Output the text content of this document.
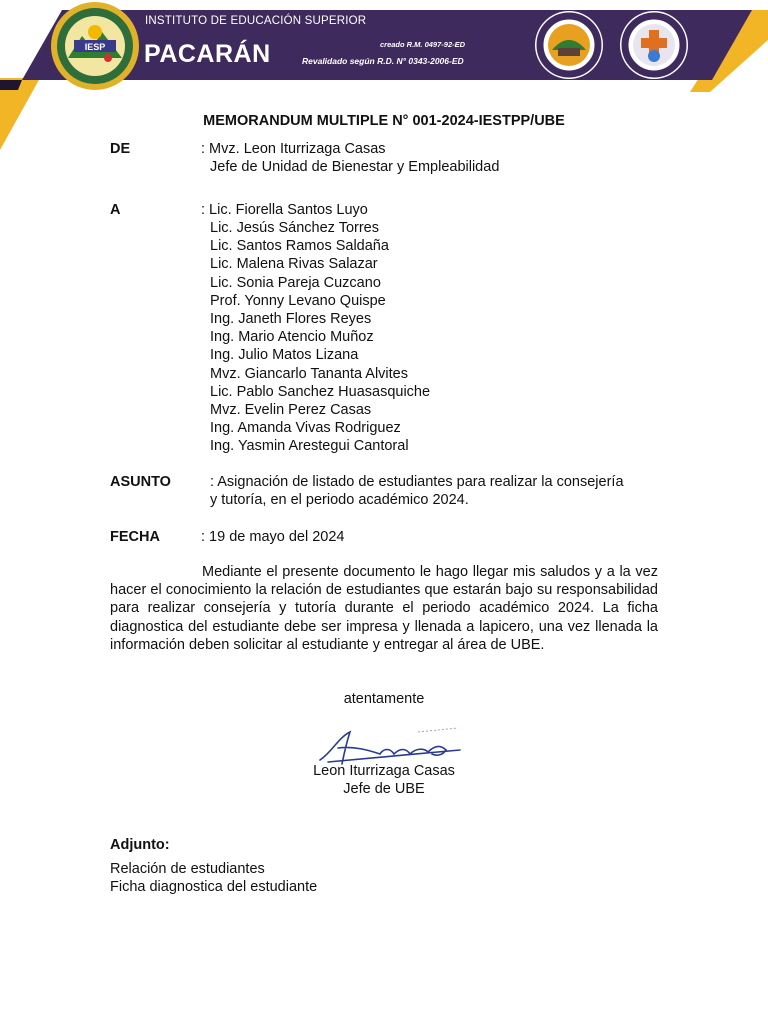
IESP
INSTITUTO DE EDUCACIÓN SUPERIOR
PACARÁN	creado R.M. 0497-92-ED
Revalidado según R.D. N° 0343-2006-ED
MEMORANDUM MULTIPLE N° 001-2024-IESTPP/UBE
DE	: Mvz. Leon Iturrizaga Casas
Jefe de Unidad de Bienestar y Empleabilidad
A	: Lic. Fiorella Santos Luyo
Lic. Jesús Sánchez Torres
Lic. Santos Ramos Saldaña
Lic. Malena Rivas Salazar
Lic. Sonia Pareja Cuzcano
Prof. Yonny Levano Quispe
Ing. Janeth Flores Reyes
Ing. Mario Atencio Muñoz
Ing. Julio Matos Lizana
Mvz. Giancarlo Tananta Alvites
Lic. Pablo Sanchez Huasasquiche
Mvz. Evelin Perez Casas
Ing. Amanda Vivas Rodriguez
Ing. Yasmin Arestegui Cantoral
ASUNTO	: Asignación de listado de estudiantes para realizar la consejería
y tutoría, en el periodo académico 2024.
FECHA	: 19 de mayo del 2024

Mediante el presente documento le hago llegar mis saludos y a la vez hacer el conocimiento la relación de estudiantes que estarán bajo su responsabilidad para realizar consejería y tutoría durante el periodo académico 2024. La ficha diagnostica del estudiante debe ser impresa y llenada a lapicero, una vez llenada la información deben solicitar al estudiante y entregar al área de UBE.

atentamente
Leon Iturrizaga Casas
Jefe de UBE
Adjunto:
Relación de estudiantes
Ficha diagnostica del estudiante
